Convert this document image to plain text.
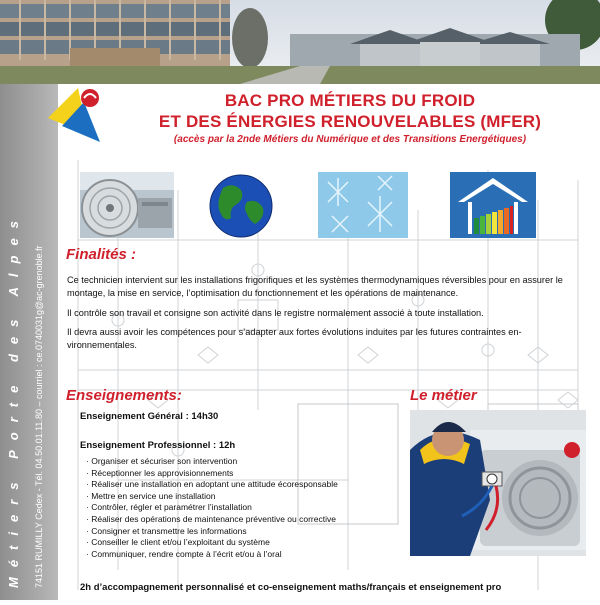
Métiers Porte des Alpes 74151 RUMILLY Cedex - Tél. 04.50.01.11.80 – courriel : ce.0740031g@ac-grenoble.fr
BAC PRO MÉTIERS DU FROID
ET DES ÉNERGIES RENOUVELABLES (MFER)
(accès par la 2nde Métiers du Numérique et des Transitions Energétiques)
Finalités :
Ce technicien intervient sur les installations frigorifiques et les systèmes thermodynamiques réversibles pour en assurer le montage, la mise en service, l’optimisation du fonctionnement et les opérations de maintenance.
Il contrôle son travail et consigne son activité dans le registre normalement associé à toute installation.
Il devra aussi avoir les compétences pour s’adapter aux fortes évolutions induites par les futures contraintes en-vironnementales.
Enseignements:	Le métier
Enseignement Général : 14h30
Enseignement Professionnel : 12h
· Organiser et sécuriser son intervention
· Réceptionner les approvisionnements
· Réaliser une installation en adoptant une attitude écoresponsable
· Mettre en service une installation
· Contrôler, régler et paramétrer l’installation
· Réaliser des opérations de maintenance préventive ou corrective
· Consigner et transmettre les informations
· Conseiller le client et/ou l’exploitant du système
· Communiquer, rendre compte à l’écrit et/ou à l’oral
2h d’accompagnement personnalisé et co-enseignement maths/français et enseignement pro
